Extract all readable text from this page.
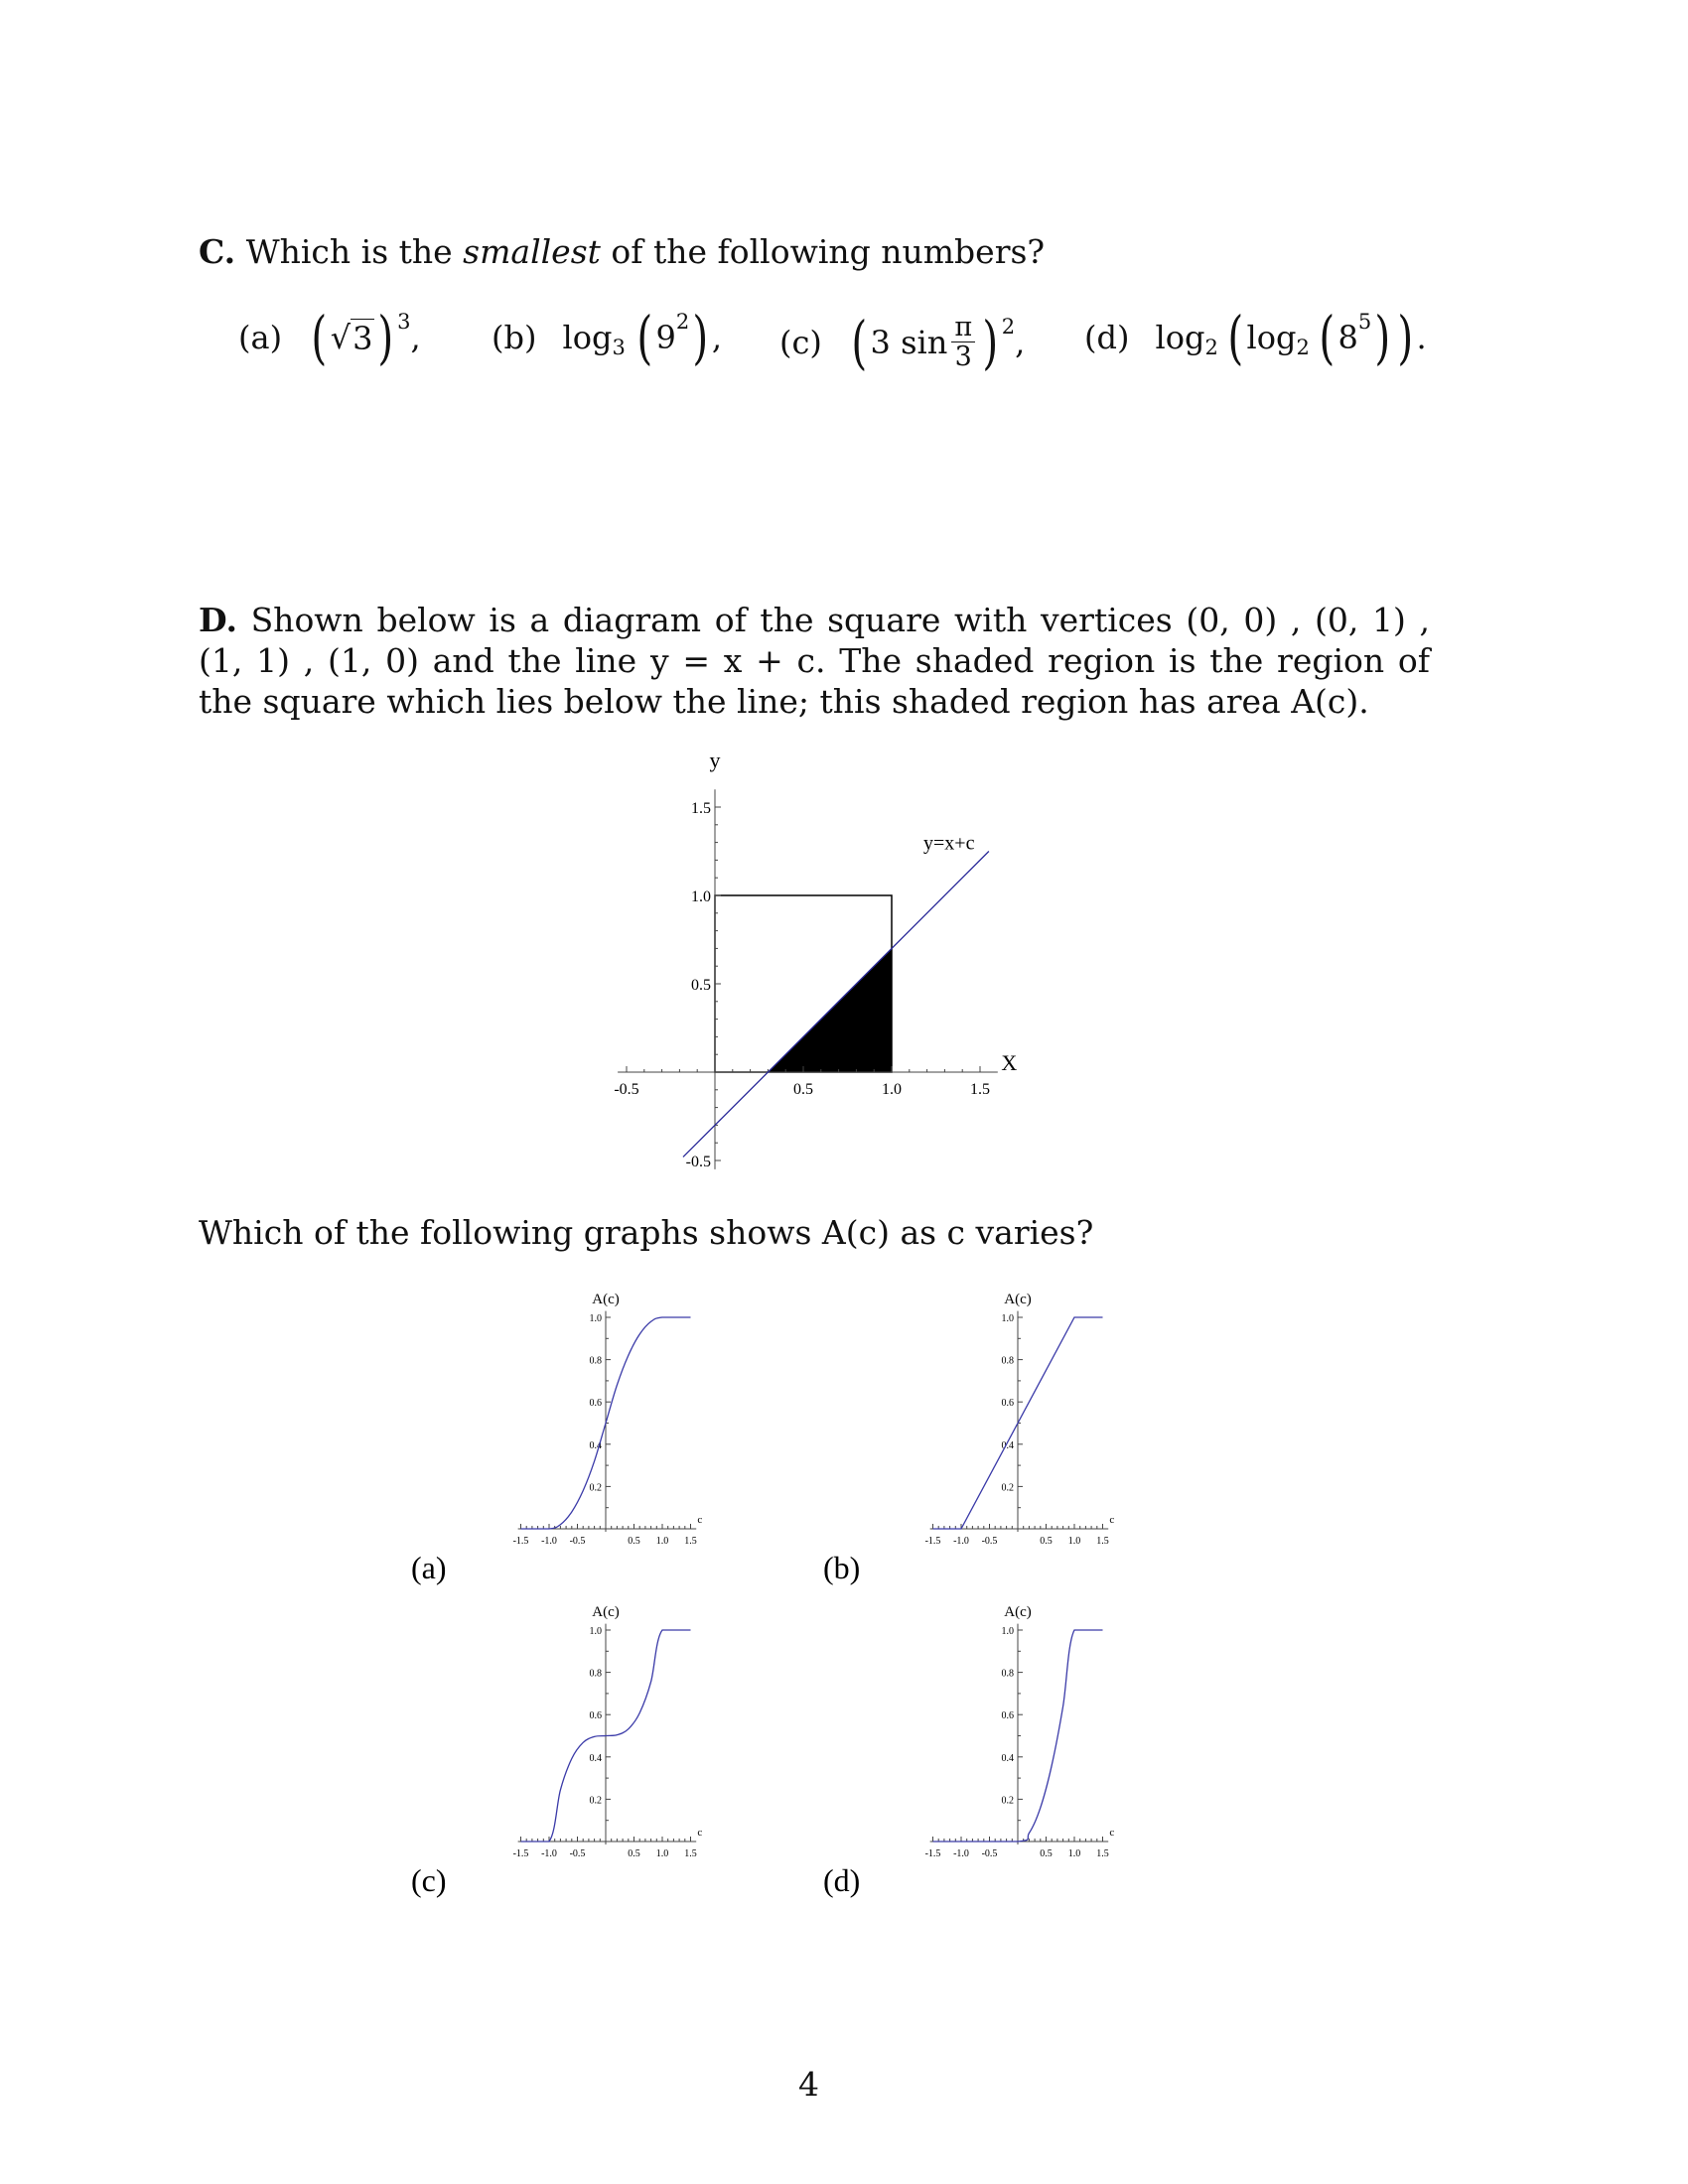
C. Which is the smallest of the following numbers?
(a) ( √ 3 ) 3 , (b) log 3 ( 9 2 ) , (c) ( 3 $\sin \frac{\pi}{3}$ ) 2 , (d) log 2 ( log 2 ( 8 5 ) ) .
D. Shown below is a diagram of the square with vertices (0, 0) , (0, 1) , (1, 1) , (1, 0) and the line y = x + c. The shaded region is the region of the square which lies below the line; this shaded region has area A(c).
-0.5	0.5	1.0	1.5
-0.5
0.5
1.0
1.5
y
X
y=x+c
Which of the following graphs shows A(c) as c varies?
-1.5 -1.0 -0.5	0.5 1.0 1.5
0.2
0.4
0.6
0.8
1.0
A(c)
c
(a)
-1.5 -1.0 -0.5	0.5 1.0 1.5
0.2
0.4
0.6
0.8
1.0
A(c)
c
(b)
-1.5 -1.0 -0.5	0.5 1.0 1.5
0.2
0.4
0.6
0.8
1.0
A(c)
c
(c)
-1.5 -1.0 -0.5	0.5 1.0 1.5
0.2
0.4
0.6
0.8
1.0
A(c)
c
(d)
4
